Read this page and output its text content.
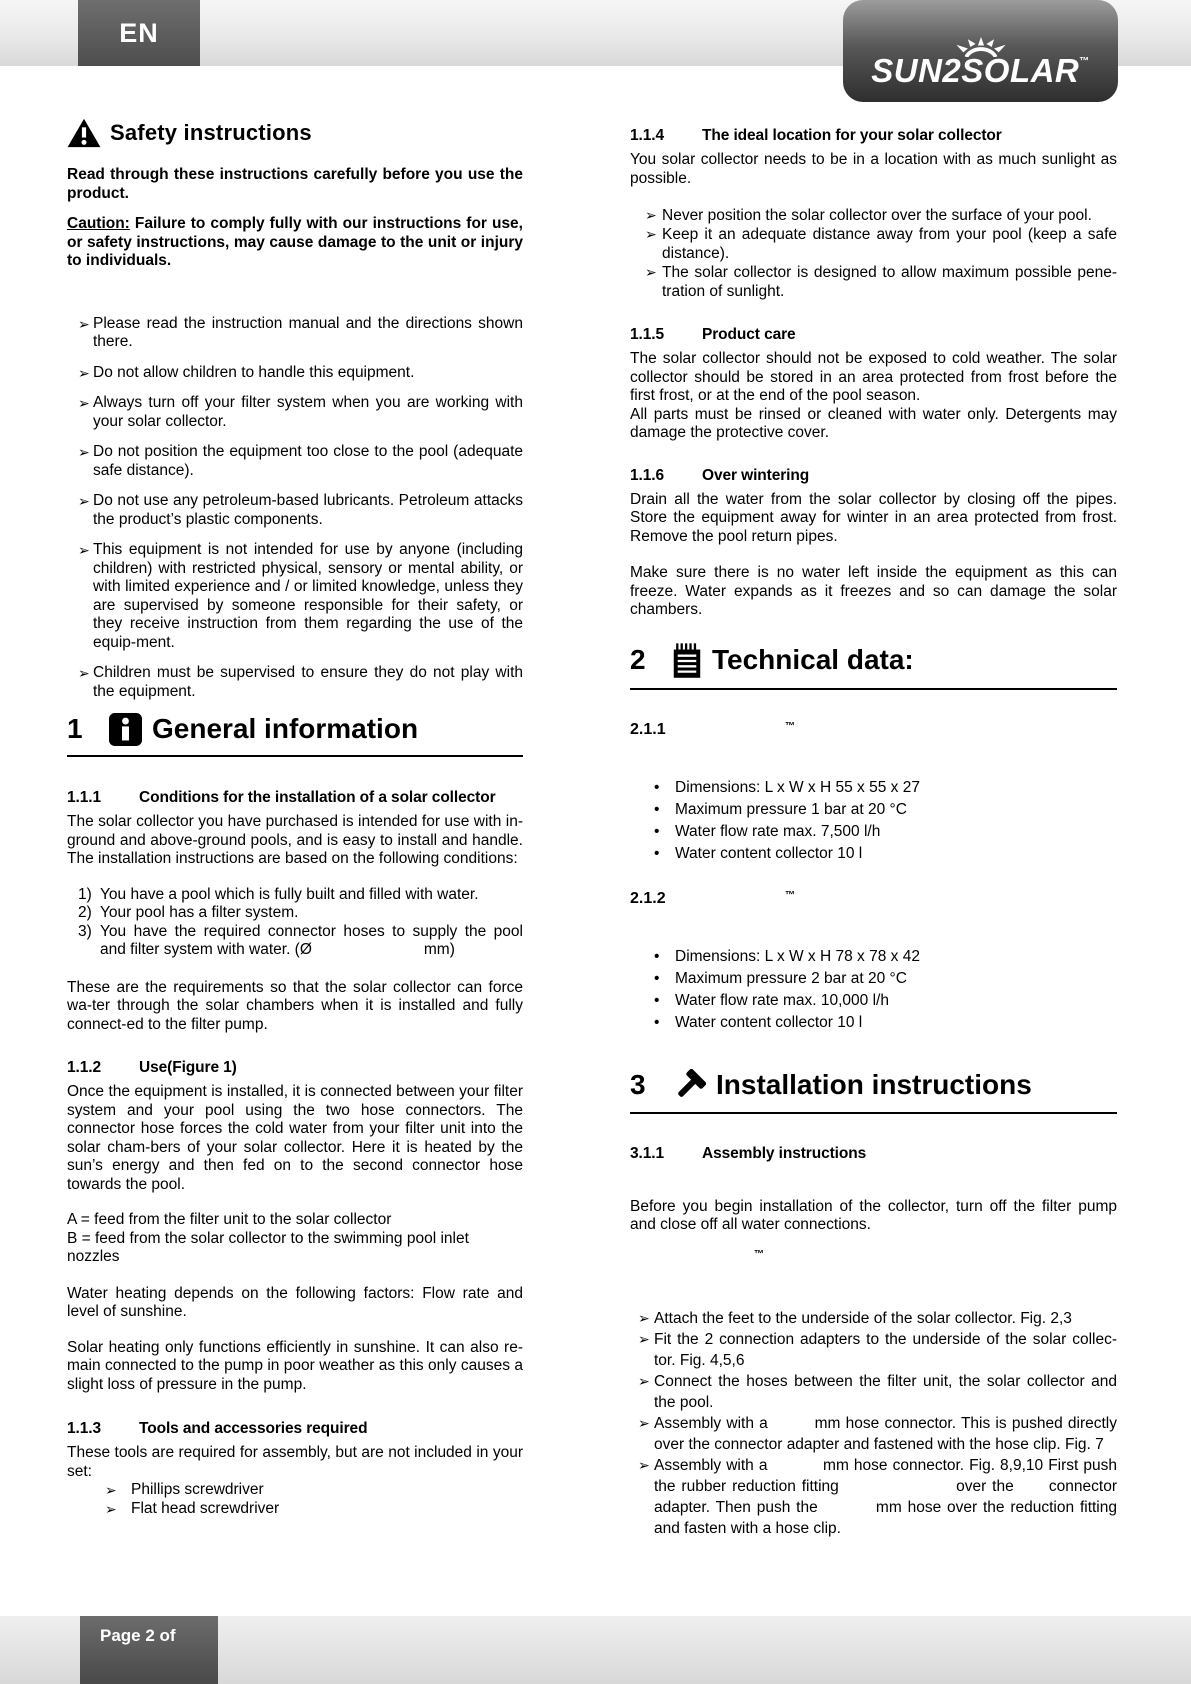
EN
SUN2SOLAR™
Safety instructions

Read through these instructions carefully before you use the product.

Caution: Failure to comply fully with our instructions for use, or safety instructions, may cause damage to the unit or injury to individuals.

➢ Please read the instruction manual and the directions shown there.
➢ Do not allow children to handle this equipment.
➢ Always turn off your filter system when you are working with your solar collector.
➢ Do not position the equipment too close to the pool (adequate safe distance).
➢ Do not use any petroleum-based lubricants. Petroleum attacks the product’s plastic components.
➢ This equipment is not intended for use by anyone (including children) with restricted physical, sensory or mental ability, or with limited experience and / or limited knowledge, unless they are supervised by someone responsible for their safety, or they receive instruction from them regarding the use of the equip-ment.
➢ Children must be supervised to ensure they do not play with the equipment.
1	General information
1.1.1	Conditions for the installation of a solar collector

The solar collector you have purchased is intended for use with in-ground and above-ground pools, and is easy to install and handle. The installation instructions are based on the following conditions:

1) You have a pool which is fully built and filled with water.
2) Your pool has a filter system.
3) You have the required connector hoses to supply the pool and filter system with water. (Ø                          mm)

These are the requirements so that the solar collector can force wa-ter through the solar chambers when it is installed and fully connect-ed to the filter pump.

1.1.2	Use(Figure 1)

Once the equipment is installed, it is connected between your filter system and your pool using the two hose connectors. The connector hose forces the cold water from your filter unit into the solar cham-bers of your solar collector. Here it is heated by the sun’s energy and then fed on to the second connector hose towards the pool.

A = feed from the filter unit to the solar collector

B = feed from the solar collector to the swimming pool inlet nozzles

Water heating depends on the following factors: Flow rate and level of sunshine.

Solar heating only functions efficiently in sunshine. It can also re-main connected to the pump in poor weather as this only causes a slight loss of pressure in the pump.

1.1.3	Tools and accessories required

These tools are required for assembly, but are not included in your set:

➢ Phillips screwdriver
➢ Flat head screwdriver
1.1.4	The ideal location for your solar collector

You solar collector needs to be in a location with as much sunlight as possible.

➢ Never position the solar collector over the surface of your pool.
➢ Keep it an adequate distance away from your pool (keep a safe distance).
➢ The solar collector is designed to allow maximum possible pene-tration of sunlight.
1.1.5	Product care

The solar collector should not be exposed to cold weather. The solar collector should be stored in an area protected from frost before the first frost, or at the end of the pool season.

All parts must be rinsed or cleaned with water only. Detergents may damage the protective cover.

1.1.6	Over wintering

Drain all the water from the solar collector by closing off the pipes. Store the equipment away for winter in an area protected from frost. Remove the pool return pipes.

Make sure there is no water left inside the equipment as this can freeze. Water expands as it freezes and so can damage the solar chambers.

2	Technical data:
2.1.1	™
•	Dimensions: L x W x H 55 x 55 x 27
•	Maximum pressure 1 bar at 20 °C
•	Water flow rate max. 7,500 l/h
•	Water content collector 10 l
2.1.2	™
•	Dimensions: L x W x H 78 x 78 x 42
•	Maximum pressure 2 bar at 20 °C
•	Water flow rate max. 10,000 l/h
•	Water content collector 10 l
3	Installation instructions
3.1.1	Assembly instructions

Before you begin installation of the collector, turn off the filter pump and close off all water connections.

™
➢ Attach the feet to the underside of the solar collector. Fig. 2,3
➢ Fit the 2 connection adapters to the underside of the solar collec-tor. Fig. 4,5,6
➢ Connect the hoses between the filter unit, the solar collector and the pool.
➢ Assembly with a         mm hose connector. This is pushed directly over the connector adapter and fastened with the hose clip. Fig. 7
➢ Assembly with a           mm hose connector. Fig. 8,9,10 First push the rubber reduction fitting                    over the      connector adapter. Then push the          mm hose over the reduction fitting and fasten with a hose clip.
Page 2 of
